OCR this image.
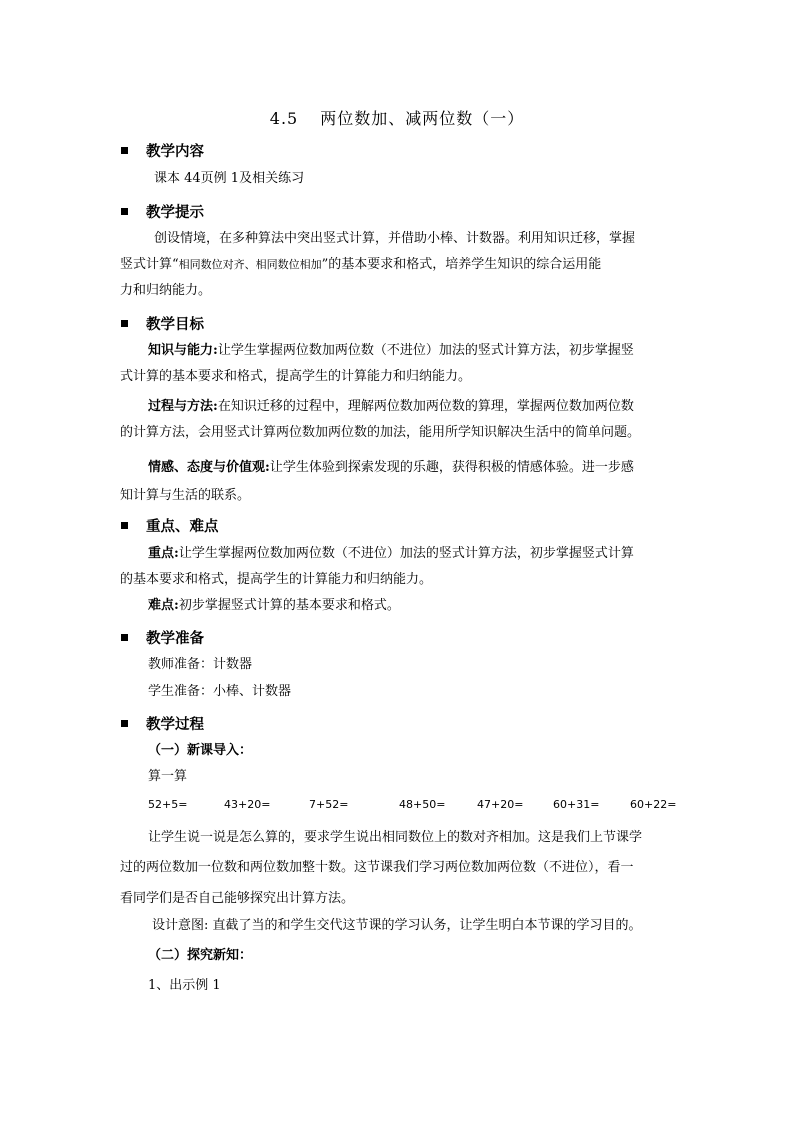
4.5 两位数加、减两位数（一）
教学内容
课本 44页例 1及相关练习
教学提示
创设情境，在多种算法中突出竖式计算，并借助小棒、计数器。利用知识迁移，掌握
竖式计算“相同数位对齐、相同数位相加”的基本要求和格式，培养学生知识的综合运用能
力和归纳能力。
教学目标
知识与能力:让学生掌握两位数加两位数（不进位）加法的竖式计算方法，初步掌握竖
式计算的基本要求和格式，提高学生的计算能力和归纳能力。
过程与方法:在知识迁移的过程中，理解两位数加两位数的算理，掌握两位数加两位数
的计算方法，会用竖式计算两位数加两位数的加法，能用所学知识解决生活中的简单问题。
情感、态度与价值观:让学生体验到探索发现的乐趣，获得积极的情感体验。进一步感
知计算与生活的联系。
重点、难点
重点:让学生掌握两位数加两位数（不进位）加法的竖式计算方法，初步掌握竖式计算
的基本要求和格式，提高学生的计算能力和归纳能力。
难点:初步掌握竖式计算的基本要求和格式。
教学准备
教师准备：计数器
学生准备：小棒、计数器
教学过程
（一）新课导入：
算一算
52+5=	43+20=	7+52=	48+50=	47+20=	60+31=	60+22=
让学生说一说是怎么算的，要求学生说出相同数位上的数对齐相加。这是我们上节课学
过的两位数加一位数和两位数加整十数。这节课我们学习两位数加两位数（不进位），看一
看同学们是否自己能够探究出计算方法。
设计意图: 直截了当的和学生交代这节课的学习认务，让学生明白本节课的学习目的。
（二）探究新知：
1、出示例 1
